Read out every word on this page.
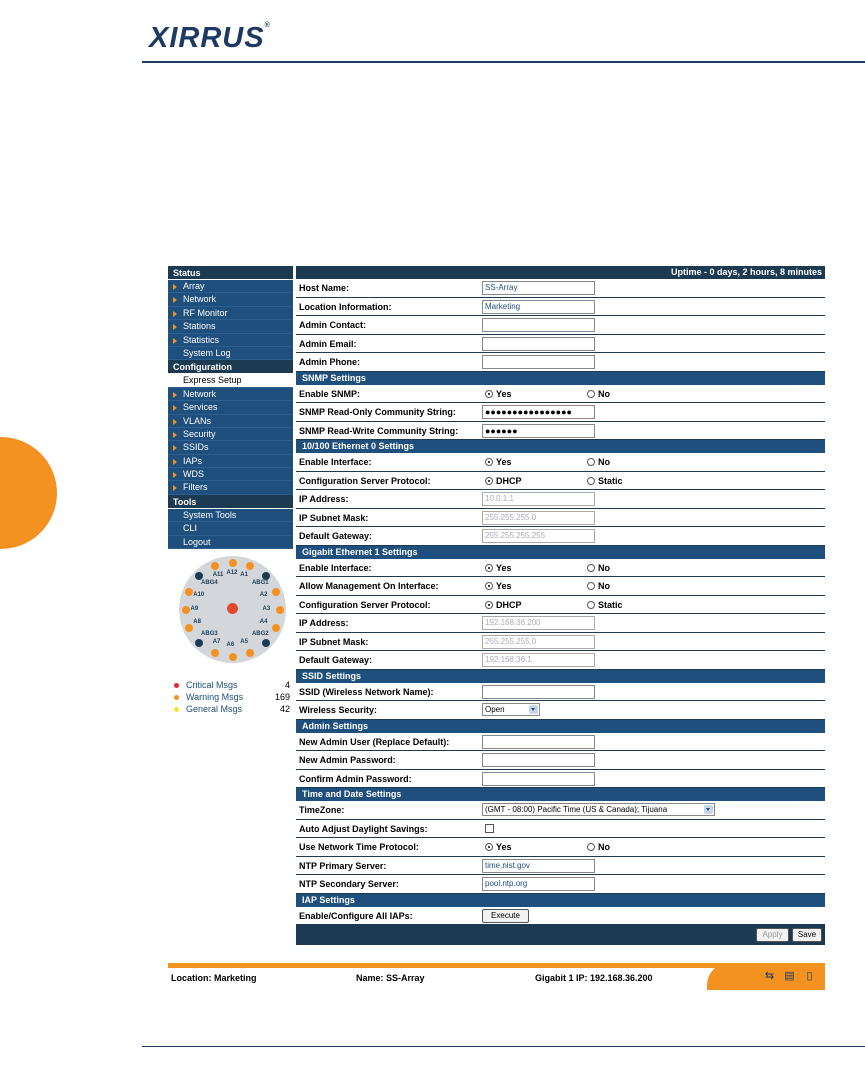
XIRRUS®
Status
Array
Network
RF Monitor
Stations
Statistics
System Log
Configuration
Express Setup
Network
Services
VLANs
Security
SSIDs
IAPs
WDS
Filters
Tools
System Tools
CLI
Logout
A12 A1
ABG1
A2
A3
A4
ABG2
A5
A6
A7
ABG3
A8
A9
A10
ABG4
A11
Critical Msgs	4
Warning Msgs	169
General Msgs	42
Uptime - 0 days, 2 hours, 8 minutes
Host Name:	SS-Array
Location Information:	Marketing
Admin Contact:
Admin Email:
Admin Phone:
SNMP Settings
Enable SNMP:	Yes	No
SNMP Read-Only Community String:	●●●●●●●●●●●●●●●●
SNMP Read-Write Community String:	●●●●●●
10/100 Ethernet 0 Settings
Enable Interface:	Yes	No
Configuration Server Protocol:	DHCP	Static
IP Address:	10.0.1.1
IP Subnet Mask:	255.255.255.0
Default Gateway:	255.255.255.255
Gigabit Ethernet 1 Settings
Enable Interface:	Yes	No
Allow Management On Interface:	Yes	No
Configuration Server Protocol:	DHCP	Static
IP Address:	192.168.36.200
IP Subnet Mask:	255.255.255.0
Default Gateway:	192.168.36.1
SSID Settings
SSID (Wireless Network Name):
Wireless Security:	Open
Admin Settings
New Admin User (Replace Default):
New Admin Password:
Confirm Admin Password:
Time and Date Settings
TimeZone:	(GMT - 08:00) Pacific Time (US & Canada); Tijuana
Auto Adjust Daylight Savings:
Use Network Time Protocol:	Yes	No
NTP Primary Server:	time.nist.gov
NTP Secondary Server:	pool.ntp.org
IAP Settings
Enable/Configure All IAPs:	Execute
Apply	Save
Location: Marketing	Name: SS-Array	Gigabit 1 IP: 192.168.36.200	⇆ ▤	▯
